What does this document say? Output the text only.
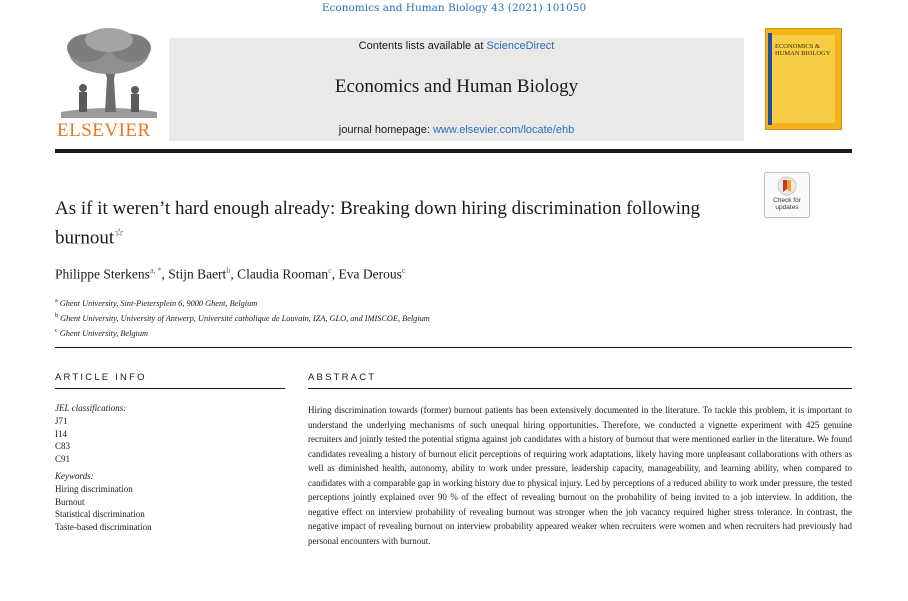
Economics and Human Biology 43 (2021) 101050
ELSEVIER
Contents lists available at ScienceDirect
Economics and Human Biology
journal homepage: www.elsevier.com/locate/ehb
ECONOMICS & HUMAN BIOLOGY
As if it weren’t hard enough already: Breaking down hiring discrimination following burnout☆
Check for
updates
Philippe Sterkens$^{a, *}$, Stijn Baert$^b$, Claudia Rooman$^c$, Eva Derous$^c$
$^a$ Ghent University, Sint-Pietersplein 6, 9000 Ghent, Belgium
$^b$ Ghent University, University of Antwerp, Université catholique de Louvain, IZA, GLO, and IMISCOE, Belgium
$^c$ Ghent University, Belgium
ARTICLE INFO	ABSTRACT
JEL classifications:
J71
I14
C83
C91
Keywords:
Hiring discrimination
Burnout
Statistical discrimination
Taste-based discrimination
Hiring discrimination towards (former) burnout patients has been extensively documented in the literature. To tackle this problem, it is important to understand the underlying mechanisms of such unequal hiring opportunities. Therefore, we conducted a vignette experiment with 425 genuine recruiters and jointly tested the potential stigma against job candidates with a history of burnout that were mentioned earlier in the literature. We found candidates revealing a history of burnout elicit perceptions of requiring work adaptations, likely having more unpleasant collaborations with others as well as diminished health, autonomy, ability to work under pressure, leadership capacity, manageability, and learning ability, when compared to candidates with a comparable gap in working history due to physical injury. Led by perceptions of a reduced ability to work under pressure, the tested perceptions jointly explained over 90 % of the effect of revealing burnout on the probability of being invited to a job interview. In addition, the negative effect on interview probability of revealing burnout was stronger when the job vacancy required higher stress tolerance. In contrast, the negative impact of revealing burnout on interview probability appeared weaker when recruiters were women and when recruiters had previously had personal encounters with burnout.
